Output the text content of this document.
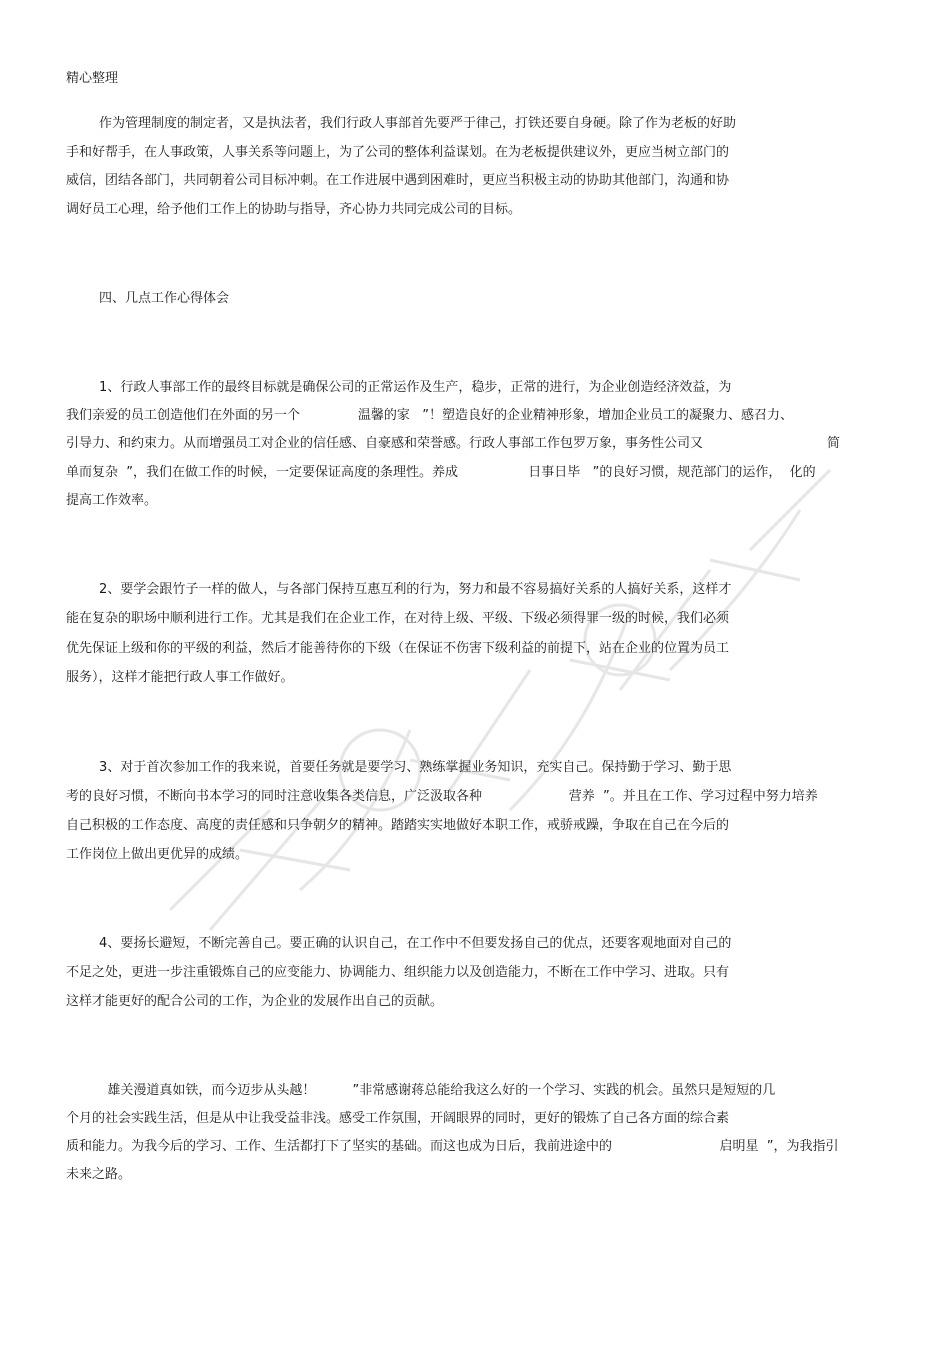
精心整理
作为管理制度的制定者，又是执法者，我们行政人事部首先要严于律己，打铁还要自身硬。除了作为老板的好助
手和好帮手，在人事政策，人事关系等问题上，为了公司的整体利益谋划。在为老板提供建议外，更应当树立部门的
威信，团结各部门，共同朝着公司目标冲刺。在工作进展中遇到困难时，更应当积极主动的协助其他部门，沟通和协
调好员工心理，给予他们工作上的协助与指导，齐心协力共同完成公司的目标。
四、几点工作心得体会
1、行政人事部工作的最终目标就是确保公司的正常运作及生产，稳步，正常的进行，为企业创造经济效益，为
我们亲爱的员工创造他们在外面的另一个              温馨的家   ”！塑造良好的企业精神形象，增加企业员工的凝聚力、感召力、
引导力、和约束力。从而增强员工对企业的信任感、自豪感和荣誉感。行政人事部工作包罗万象，事务性公司又                              简
单而复杂  ”，我们在做工作的时候，一定要保证高度的条理性。养成                 日事日毕   ”的良好习惯，规范部门的运作，  化的
提高工作效率。
2、要学会跟竹子一样的做人，与各部门保持互惠互利的行为，努力和最不容易搞好关系的人搞好关系，这样才
能在复杂的职场中顺利进行工作。尤其是我们在企业工作，在对待上级、平级、下级必须得罪一级的时候，我们必须
优先保证上级和你的平级的利益，然后才能善待你的下级（在保证不伤害下级利益的前提下，站在企业的位置为员工
服务），这样才能把行政人事工作做好。
3、对于首次参加工作的我来说，首要任务就是要学习、熟练掌握业务知识，充实自己。保持勤于学习、勤于思
考的良好习惯，不断向书本学习的同时注意收集各类信息，广泛汲取各种                     营养  ”。并且在工作、学习过程中努力培养
自己积极的工作态度、高度的责任感和只争朝夕的精神。踏踏实实地做好本职工作，戒骄戒躁，争取在自己在今后的
工作岗位上做出更优异的成绩。
4、要扬长避短，不断完善自己。要正确的认识自己，在工作中不但要发扬自己的优点，还要客观地面对自己的
不足之处，更进一步注重锻炼自己的应变能力、协调能力、组织能力以及创造能力，不断在工作中学习、进取。只有
这样才能更好的配合公司的工作，为企业的发展作出自己的贡献。
雄关漫道真如铁，而今迈步从头越！         ”非常感谢蒋总能给我这么好的一个学习、实践的机会。虽然只是短短的几
个月的社会实践生活，但是从中让我受益非浅。感受工作氛围，开阔眼界的同时，更好的锻炼了自己各方面的综合素
质和能力。为我今后的学习、工作、生活都打下了坚实的基础。而这也成为日后，我前进途中的                          启明星  ”，为我指引
未来之路。
